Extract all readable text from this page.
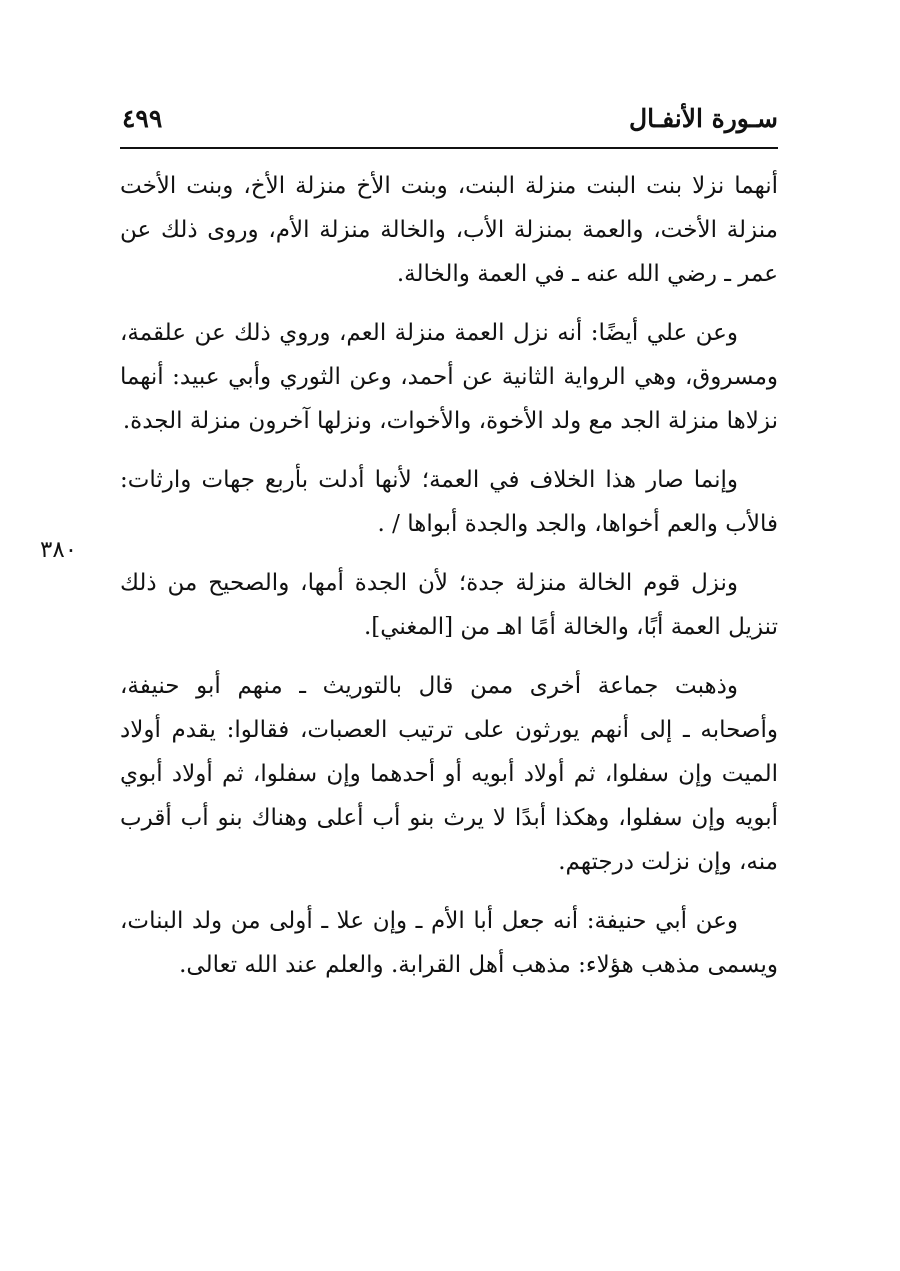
سـورة الأنفـال
٤٩٩
٣٨٠

أنهما نزلا بنت البنت منزلة البنت، وبنت الأخ منزلة الأخ، وبنت الأخت منزلة الأخت، والعمة بمنزلة الأب، والخالة منزلة الأم، وروى ذلك عن عمر ـ رضي الله عنه ـ في العمة والخالة.

وعن علي أيضًا: أنه نزل العمة منزلة العم، وروي ذلك عن علقمة، ومسروق، وهي الرواية الثانية عن أحمد، وعن الثوري وأبي عبيد: أنهما نزلاها منزلة الجد مع ولد الأخوة، والأخوات، ونزلها آخرون منزلة الجدة.

وإنما صار هذا الخلاف في العمة؛ لأنها أدلت بأربع جهات وارثات: فالأب والعم أخواها، والجد والجدة أبواها / .

ونزل قوم الخالة منزلة جدة؛ لأن الجدة أمها، والصحيح من ذلك تنزيل العمة أبًا، والخالة أمًا اهـ من [المغني].

وذهبت جماعة أخرى ممن قال بالتوريث ـ منهم أبو حنيفة، وأصحابه ـ إلى أنهم يورثون على ترتيب العصبات، فقالوا: يقدم أولاد الميت وإن سفلوا، ثم أولاد أبويه أو أحدهما وإن سفلوا، ثم أولاد أبوي أبويه وإن سفلوا، وهكذا أبدًا لا يرث بنو أب أعلى وهناك بنو أب أقرب منه، وإن نزلت درجتهم.

وعن أبي حنيفة: أنه جعل أبا الأم ـ وإن علا ـ أولى من ولد البنات، ويسمى مذهب هؤلاء: مذهب أهل القرابة. والعلم عند الله تعالى.
